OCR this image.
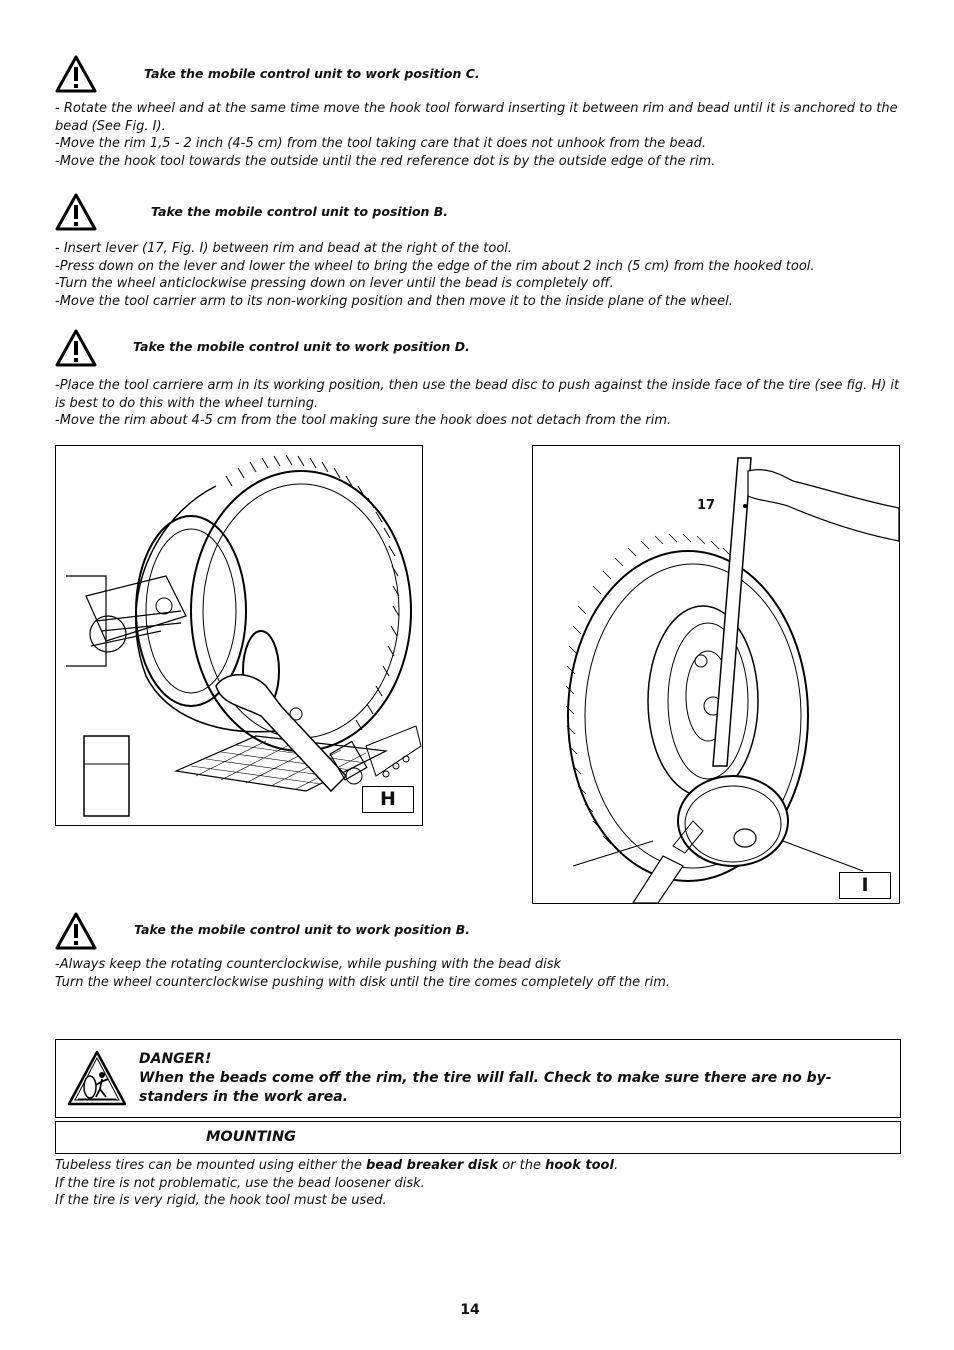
Take the mobile control unit to work position C.

- Rotate the wheel and at the same time move the hook tool forward inserting it between rim and bead until it is anchored to the bead (See Fig. I).

-Move the rim 1,5 - 2 inch (4-5 cm) from the tool taking care that it does not unhook from the bead.

-Move the hook tool towards the outside until the red reference dot is by the outside edge of the rim.

Take the mobile control unit to position B.

- Insert lever (17, Fig. I) between rim and bead at the right of the tool.

-Press down on the lever and lower the wheel to bring the edge of the rim about 2 inch (5 cm) from the hooked tool.

-Turn the wheel anticlockwise pressing down on lever until the bead is completely off.

-Move the tool carrier arm to its non-working position and then move it to the inside plane of the wheel.

Take the mobile control unit to work position D.

-Place the tool carriere arm in its working position, then use the bead disc to push against the inside face of the tire (see fig. H) it is best to do this with the wheel turning.

-Move the rim about 4-5 cm from the tool making sure the hook does not detach from the rim.

H
17
I
Take the mobile control unit to work position B.

-Always keep the rotating counterclockwise, while pushing with the bead disk

Turn the wheel counterclockwise pushing with disk until the tire comes completely off the rim.

DANGER!
When the beads come off the rim, the tire will fall. Check to make sure there are no by-standers in the work area.
MOUNTING

Tubeless tires can be mounted using either the bead breaker disk or the hook tool.

If the tire is not problematic, use the bead loosener disk.

If the tire is very rigid, the hook tool must be used.

14
